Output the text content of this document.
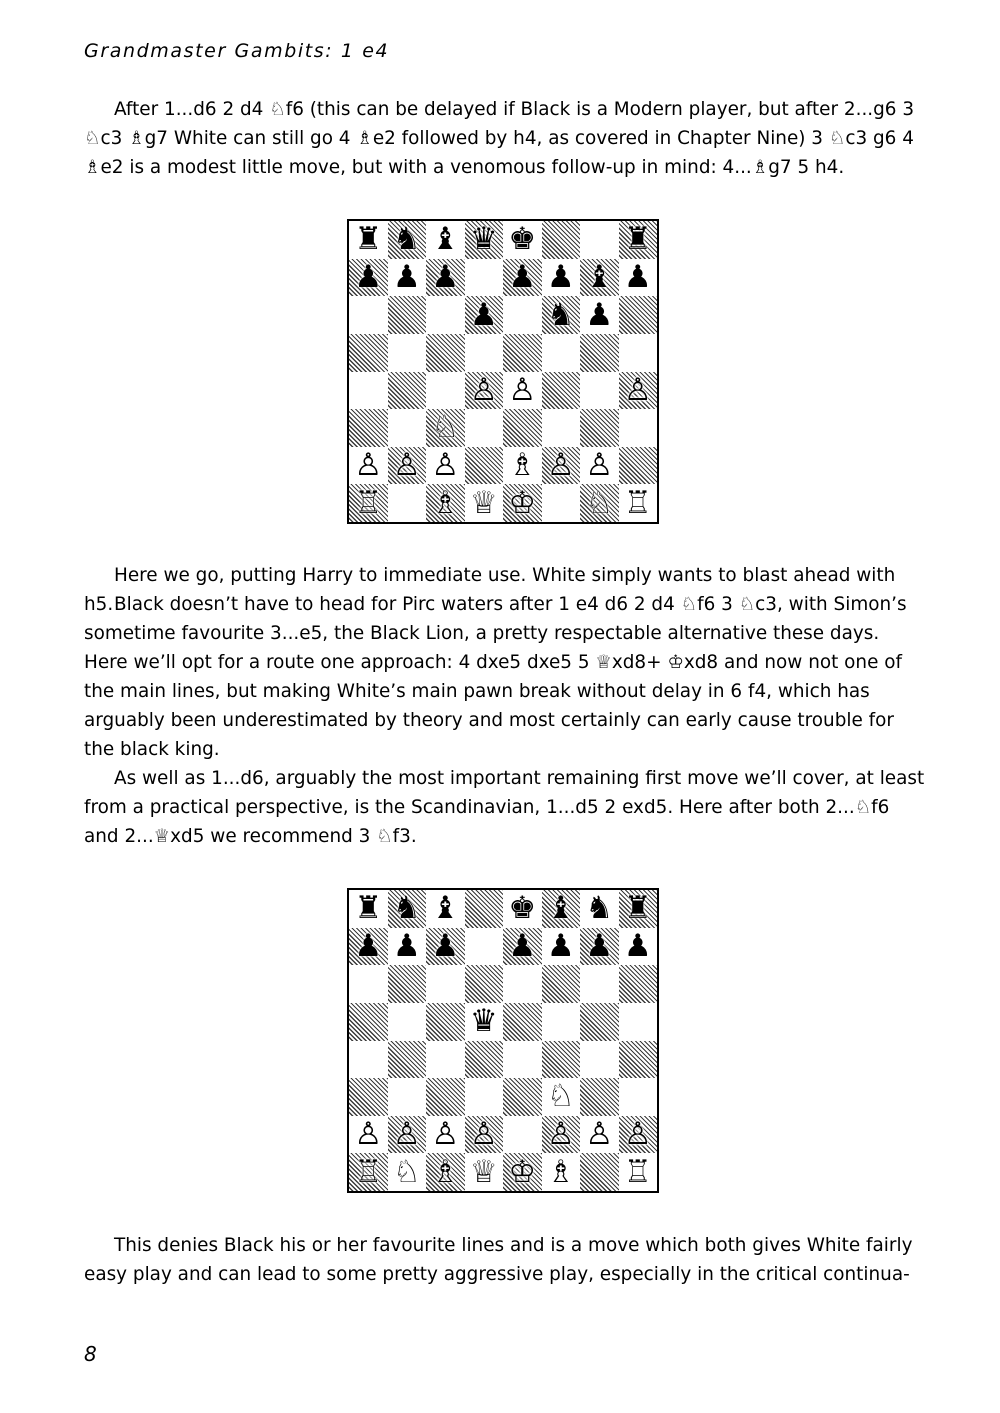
Grandmaster Gambits: 1 e4

After 1...d6 2 d4 ♘f6 (this can be delayed if Black is a Modern player, but after 2...g6 3 ♘c3 ♗g7 White can still go 4 ♗e2 followed by h4, as covered in Chapter Nine) 3 ♘c3 g6 4 ♗e2 is a modest little move, but with a venomous follow-up in mind: 4...♗g7 5 h4.

♜ ♞ ♝ ♛ ♚	♜
♟ ♟ ♟ ♟ ♟ ♝ ♟
♟ ♞ ♟
♙ ♙	♙
♘
♙ ♙ ♙ ♗ ♙ ♙
♖ ♗ ♕ ♔ ♘ ♖

Here we go, putting Harry to immediate use. White simply wants to blast ahead with h5. Black doesn’t have to head for Pirc waters after 1 e4 d6 2 d4 ♘f6 3 ♘c3, with Simon’s sometime favourite 3...e5, the Black Lion, a pretty respectable alternative these days. Here we’ll opt for a route one approach: 4 dxe5 dxe5 5 ♕xd8+ ♔xd8 and now not one of the main lines, but making White’s main pawn break without delay in 6 f4, which has arguably been underestimated by theory and most certainly can early cause trouble for the black king.

As well as 1...d6, arguably the most important remaining first move we’ll cover, at least from a practical perspective, is the Scandinavian, 1...d5 2 exd5. Here after both 2...♘f6 and 2...♕xd5 we recommend 3 ♘f3.

♜ ♞ ♝ ♚ ♝ ♞ ♜
♟ ♟ ♟ ♟ ♟ ♟ ♟
♛
♘
♙ ♙ ♙ ♙ ♙ ♙ ♙
♖ ♘ ♗ ♕ ♔ ♗ ♖

This denies Black his or her favourite lines and is a move which both gives White fairly easy play and can lead to some pretty aggressive play, especially in the critical continua-

8
